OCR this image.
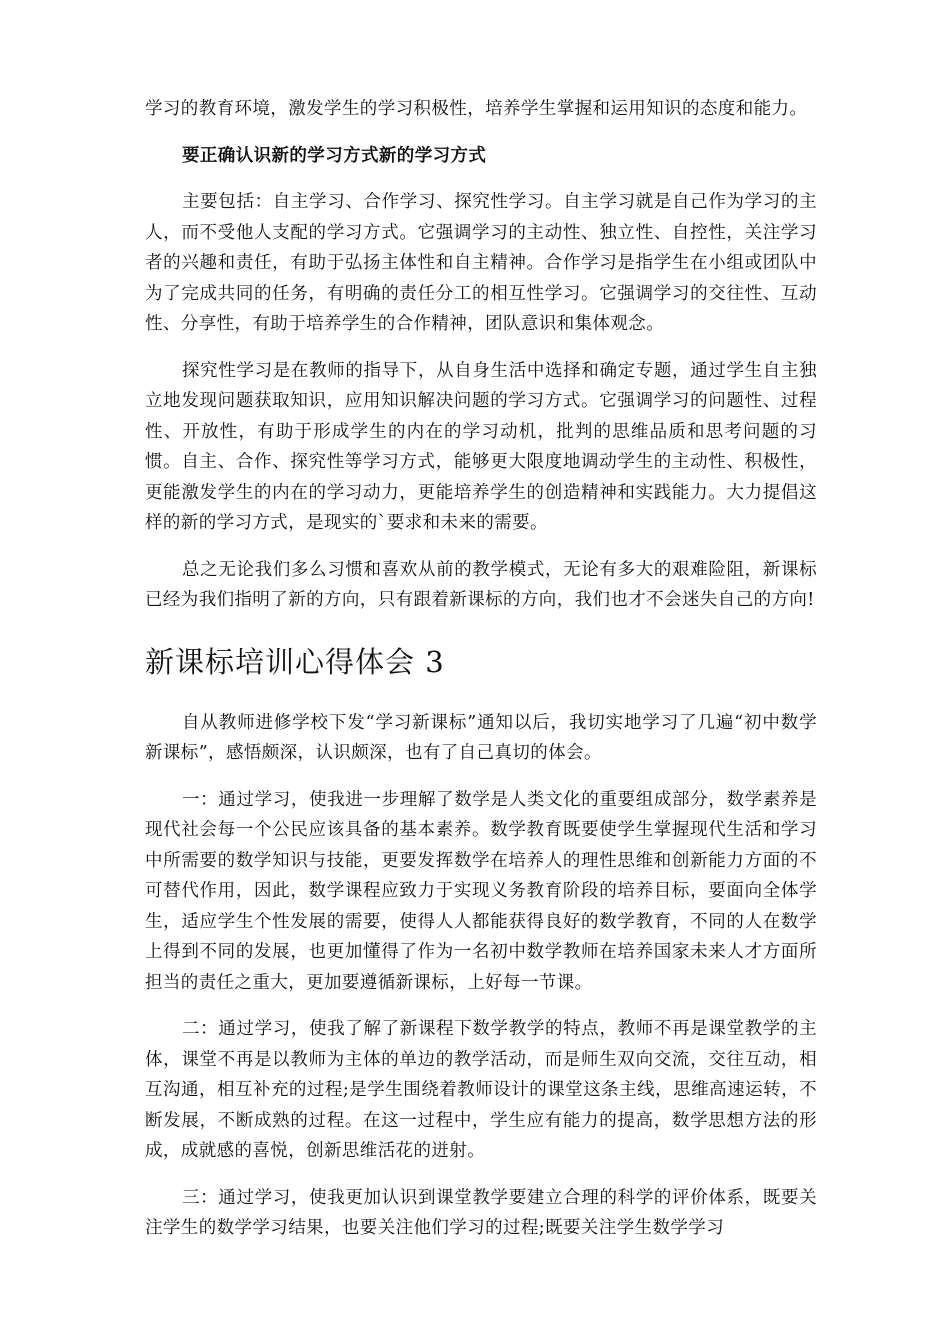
学习的教育环境，激发学生的学习积极性，培养学生掌握和运用知识的态度和能力。

要正确认识新的学习方式新的学习方式

主要包括：自主学习、合作学习、探究性学习。自主学习就是自己作为学习的主人，而不受他人支配的学习方式。它强调学习的主动性、独立性、自控性，关注学习者的兴趣和责任，有助于弘扬主体性和自主精神。合作学习是指学生在小组或团队中为了完成共同的任务，有明确的责任分工的相互性学习。它强调学习的交往性、互动性、分享性，有助于培养学生的合作精神，团队意识和集体观念。

探究性学习是在教师的指导下，从自身生活中选择和确定专题，通过学生自主独立地发现问题获取知识，应用知识解决问题的学习方式。它强调学习的问题性、过程性、开放性，有助于形成学生的内在的学习动机，批判的思维品质和思考问题的习惯。自主、合作、探究性等学习方式，能够更大限度地调动学生的主动性、积极性，更能激发学生的内在的学习动力，更能培养学生的创造精神和实践能力。大力提倡这样的新的学习方式，是现实的`要求和未来的需要。

总之无论我们多么习惯和喜欢从前的教学模式，无论有多大的艰难险阻，新课标已经为我们指明了新的方向，只有跟着新课标的方向，我们也才不会迷失自己的方向!

新课标培训心得体会 3

自从教师进修学校下发“学习新课标”通知以后，我切实地学习了几遍“初中数学新课标”，感悟颇深，认识颇深，也有了自己真切的体会。

一：通过学习，使我进一步理解了数学是人类文化的重要组成部分，数学素养是现代社会每一个公民应该具备的基本素养。数学教育既要使学生掌握现代生活和学习中所需要的数学知识与技能，更要发挥数学在培养人的理性思维和创新能力方面的不可替代作用，因此，数学课程应致力于实现义务教育阶段的培养目标，要面向全体学生，适应学生个性发展的需要，使得人人都能获得良好的数学教育，不同的人在数学上得到不同的发展，也更加懂得了作为一名初中数学教师在培养国家未来人才方面所担当的责任之重大，更加要遵循新课标，上好每一节课。

二：通过学习，使我了解了新课程下数学教学的特点，教师不再是课堂教学的主体，课堂不再是以教师为主体的单边的教学活动，而是师生双向交流，交往互动，相互沟通，相互补充的过程;是学生围绕着教师设计的课堂这条主线，思维高速运转，不断发展，不断成熟的过程。在这一过程中，学生应有能力的提高，数学思想方法的形成，成就感的喜悦，创新思维活花的迸射。

三：通过学习，使我更加认识到课堂教学要建立合理的科学的评价体系，既要关注学生的数学学习结果，也要关注他们学习的过程;既要关注学生数学学习
